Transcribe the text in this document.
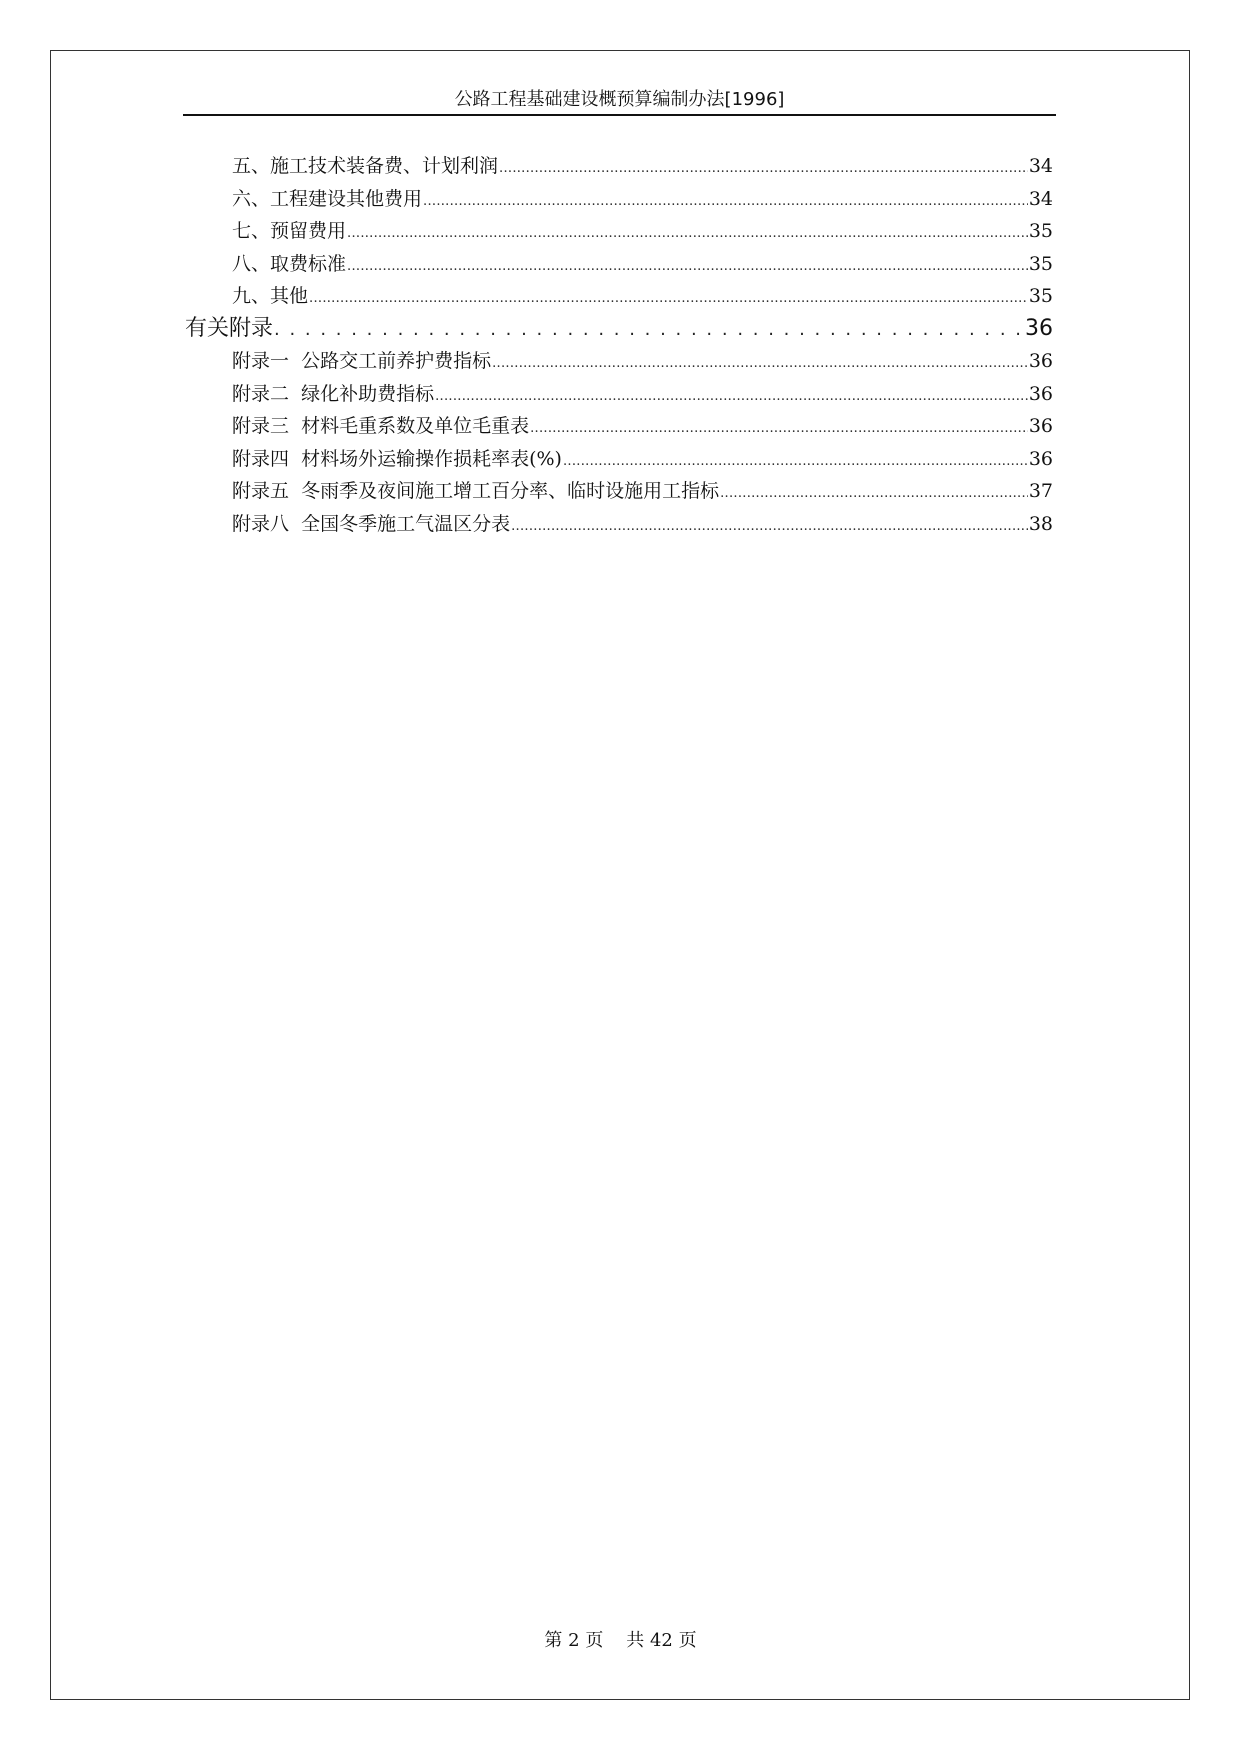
公路工程基础建设概预算编制办法[1996]
五、施工技术装备费、计划利润 .....	34
六、工程建设其他费用 .....	34
七、预留费用 .....	35
八、取费标准 .....	35
九、其他 .....	35
有关附录 . . .	36
附录一  公路交工前养护费指标 .....	36
附录二  绿化补助费指标 .....	36
附录三  材料毛重系数及单位毛重表 .....	36
附录四  材料场外运输操作损耗率表(%) .....	36
附录五  冬雨季及夜间施工增工百分率、临时设施用工指标 .....	37
附录八  全国冬季施工气温区分表 .....	38
第 2 页 共 42 页
